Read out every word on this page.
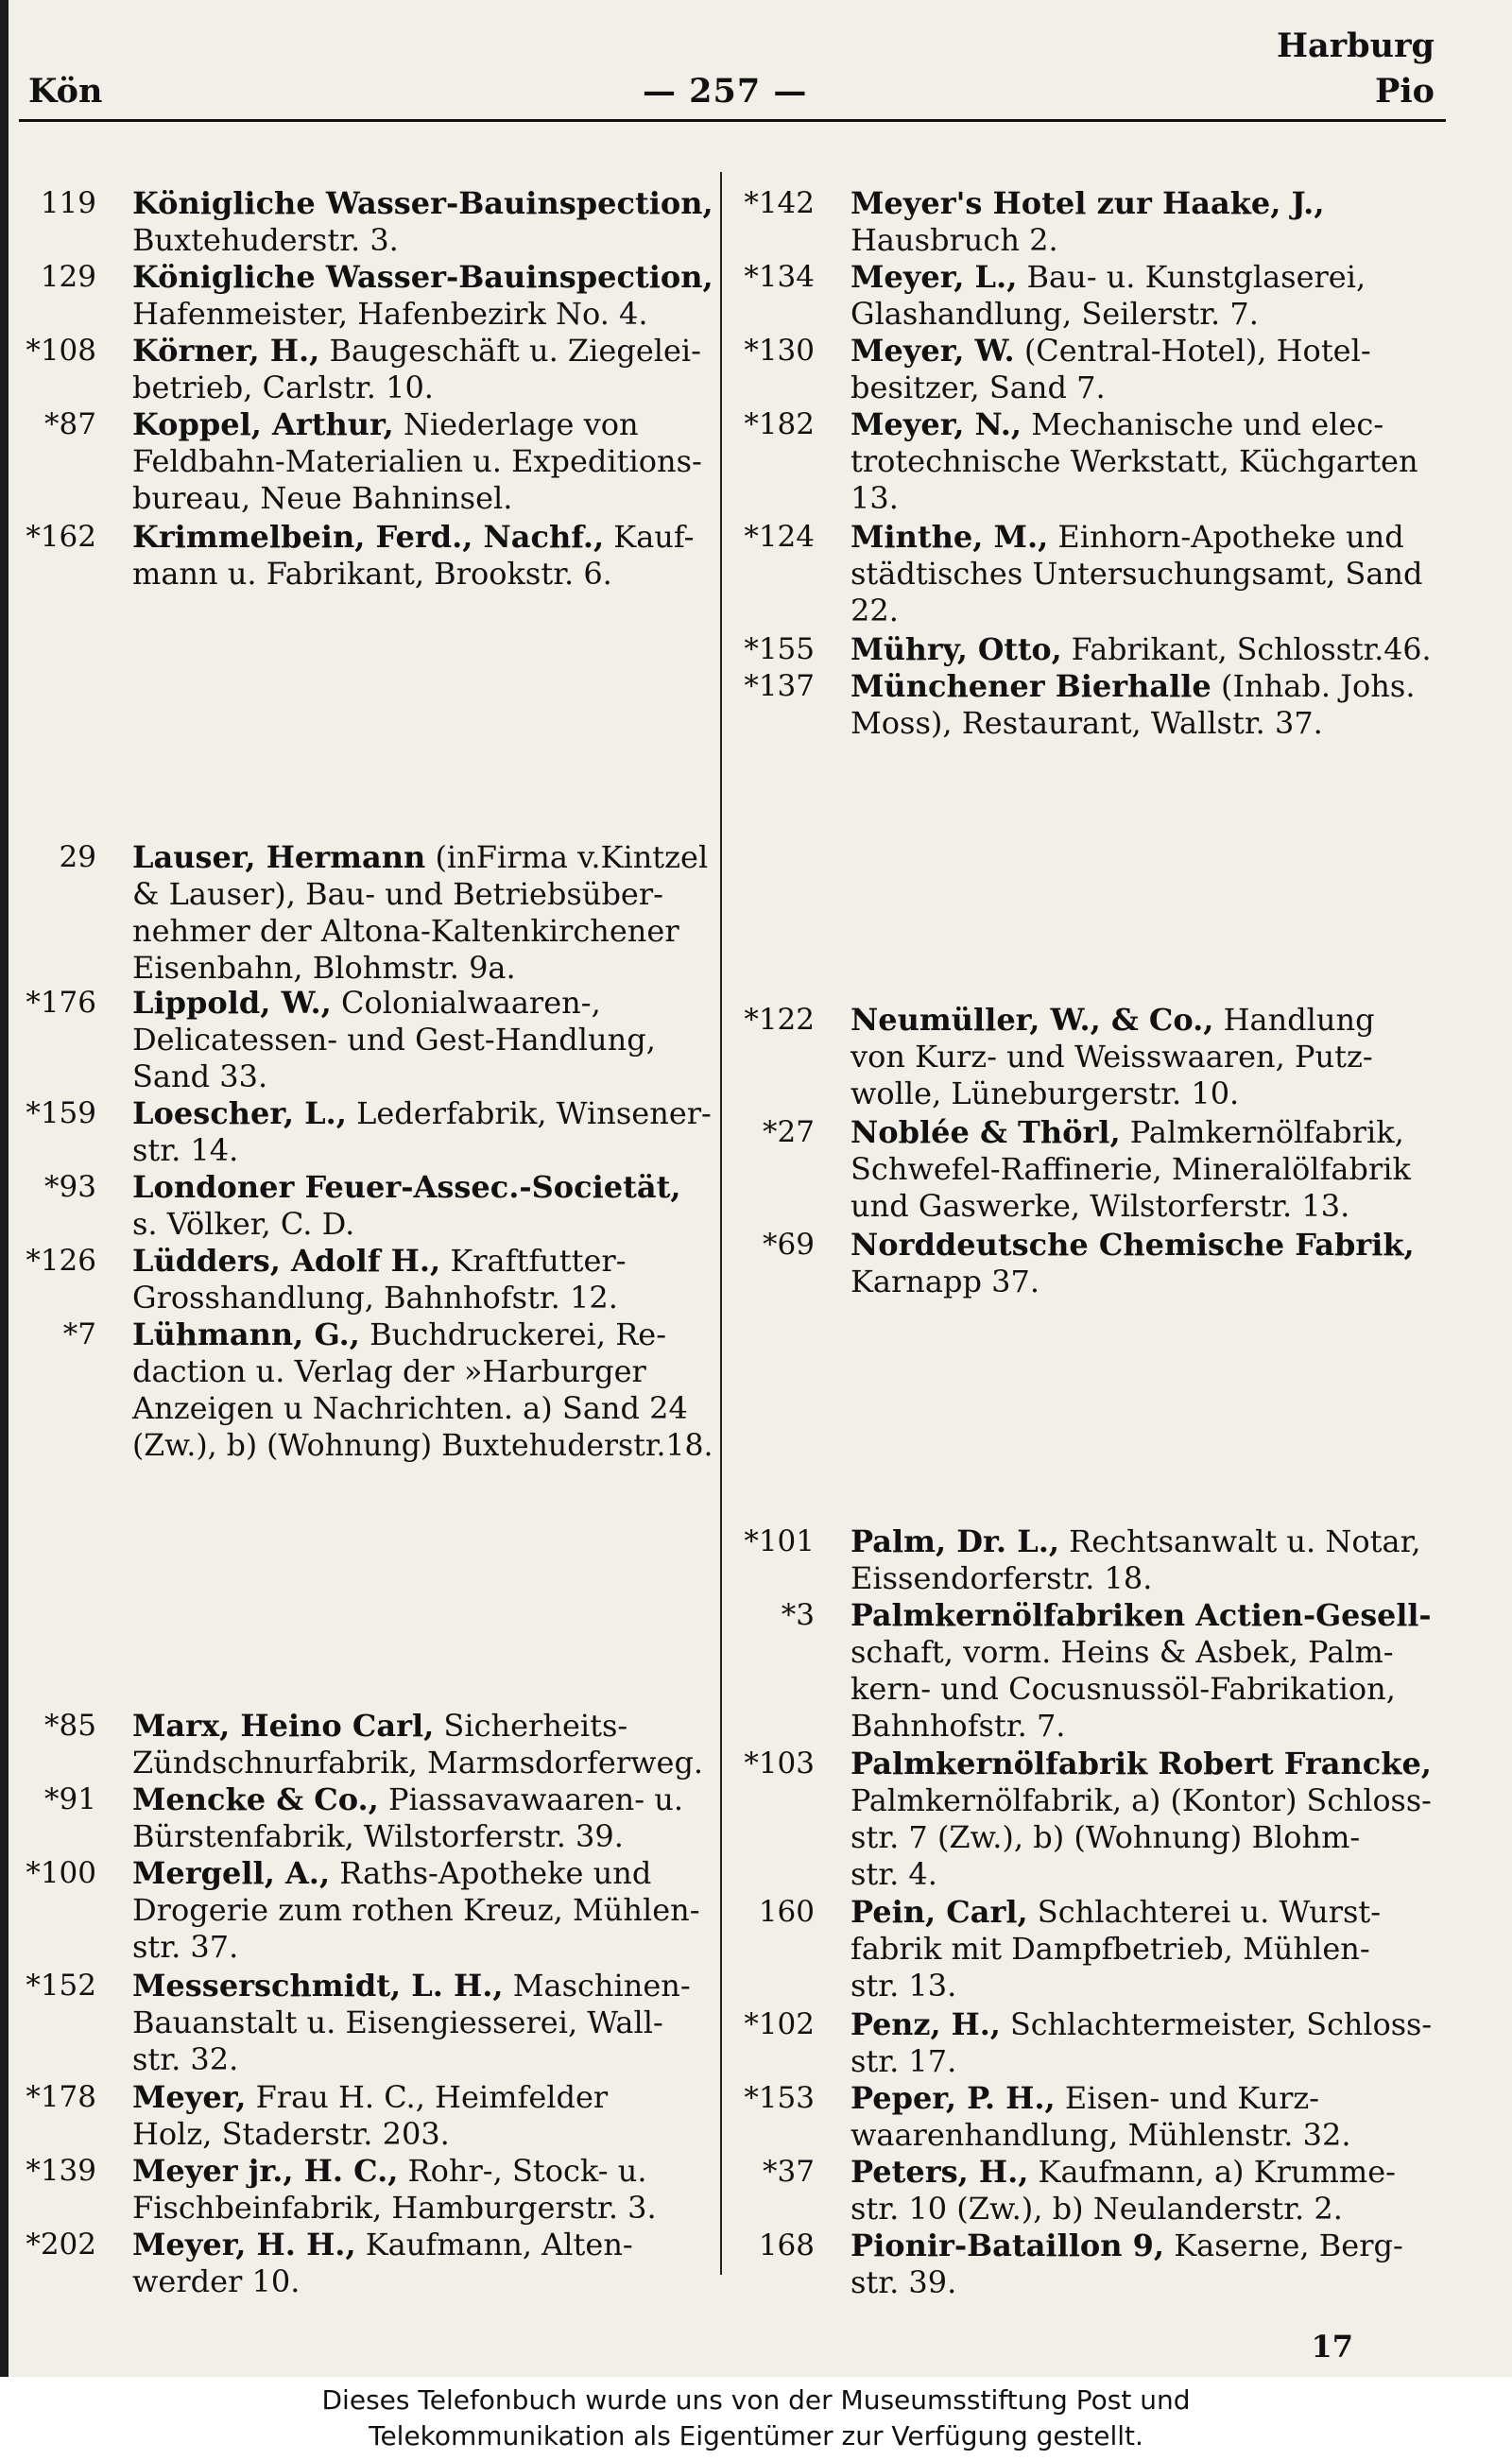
Harburg
Kön	— 257 —	Pio
119 Königliche Wasser-Bauinspection,
Buxtehuderstr. 3.
129 Königliche Wasser-Bauinspection,
Hafenmeister, Hafenbezirk No. 4.
*108 Körner, H., Baugeschäft u. Ziegelei-
betrieb, Carlstr. 10.
*87 Koppel, Arthur, Niederlage von
Feldbahn-Materialien u. Expeditions-
bureau, Neue Bahninsel.
*162 Krimmelbein, Ferd., Nachf., Kauf-
mann u. Fabrikant, Brookstr. 6.
29 Lauser, Hermann (inFirma v.Kintzel
& Lauser), Bau- und Betriebsüber-
nehmer der Altona-Kaltenkirchener
Eisenbahn, Blohmstr. 9a.
*176 Lippold, W., Colonialwaaren-,
Delicatessen- und Gest-Handlung,
Sand 33.
*159 Loescher, L., Lederfabrik, Winsener-
str. 14.
*93 Londoner Feuer-Assec.-Societät,
s. Völker, C. D.
*126 Lüdders, Adolf H., Kraftfutter-
Grosshandlung, Bahnhofstr. 12.
*7 Lühmann, G., Buchdruckerei, Re-
daction u. Verlag der »Harburger
Anzeigen u Nachrichten. a) Sand 24
(Zw.), b) (Wohnung) Buxtehuderstr.18.
*85 Marx, Heino Carl, Sicherheits-
Zündschnurfabrik, Marmsdorferweg.
*91 Mencke & Co., Piassavawaaren- u.
Bürstenfabrik, Wilstorferstr. 39.
*100 Mergell, A., Raths-Apotheke und
Drogerie zum rothen Kreuz, Mühlen-
str. 37.
*152 Messerschmidt, L. H., Maschinen-
Bauanstalt u. Eisengiesserei, Wall-
str. 32.
*178 Meyer, Frau H. C., Heimfelder
Holz, Staderstr. 203.
*139 Meyer jr., H. C., Rohr-, Stock- u.
Fischbeinfabrik, Hamburgerstr. 3.
*202 Meyer, H. H., Kaufmann, Alten-
werder 10.
*142 Meyer's Hotel zur Haake, J.,
Hausbruch 2.
*134 Meyer, L., Bau- u. Kunstglaserei,
Glashandlung, Seilerstr. 7.
*130 Meyer, W. (Central-Hotel), Hotel-
besitzer, Sand 7.
*182 Meyer, N., Mechanische und elec-
trotechnische Werkstatt, Küchgarten
13.
*124 Minthe, M., Einhorn-Apotheke und
städtisches Untersuchungsamt, Sand
22.
*155 Mühry, Otto, Fabrikant, Schlosstr.46.
*137 Münchener Bierhalle (Inhab. Johs.
Moss), Restaurant, Wallstr. 37.
*122 Neumüller, W., & Co., Handlung
von Kurz- und Weisswaaren, Putz-
wolle, Lüneburgerstr. 10.
*27 Noblée & Thörl, Palmkernölfabrik,
Schwefel-Raffinerie, Mineralölfabrik
und Gaswerke, Wilstorferstr. 13.
*69 Norddeutsche Chemische Fabrik,
Karnapp 37.
*101 Palm, Dr. L., Rechtsanwalt u. Notar,
Eissendorferstr. 18.
*3 Palmkernölfabriken Actien-Gesell-
schaft, vorm. Heins & Asbek, Palm-
kern- und Cocusnussöl-Fabrikation,
Bahnhofstr. 7.
*103 Palmkernölfabrik Robert Francke,
Palmkernölfabrik, a) (Kontor) Schloss-
str. 7 (Zw.), b) (Wohnung) Blohm-
str. 4.
160 Pein, Carl, Schlachterei u. Wurst-
fabrik mit Dampfbetrieb, Mühlen-
str. 13.
*102 Penz, H., Schlachtermeister, Schloss-
str. 17.
*153 Peper, P. H., Eisen- und Kurz-
waarenhandlung, Mühlenstr. 32.
*37 Peters, H., Kaufmann, a) Krumme-
str. 10 (Zw.), b) Neulanderstr. 2.
168 Pionir-Bataillon 9, Kaserne, Berg-
str. 39.
17
Dieses Telefonbuch wurde uns von der Museumsstiftung Post und
Telekommunikation als Eigentümer zur Verfügung gestellt.
